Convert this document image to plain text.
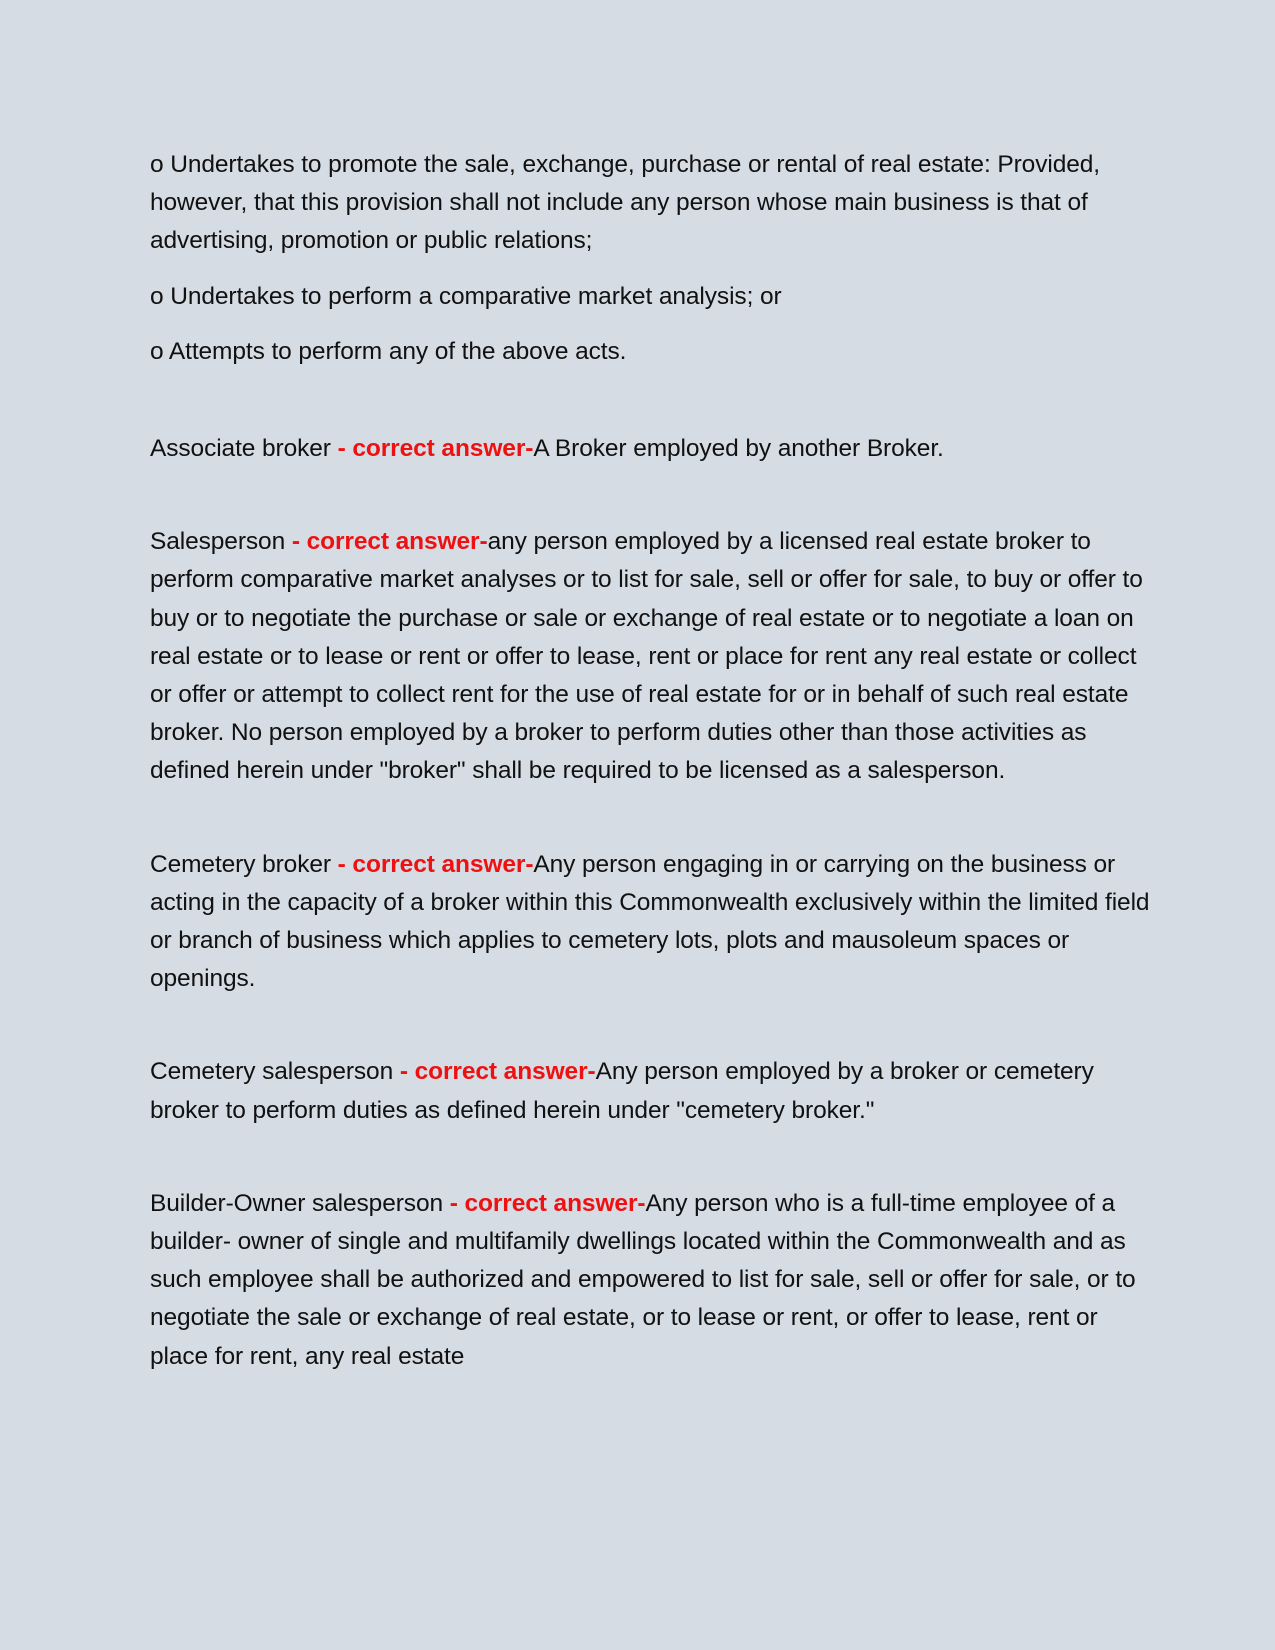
o Undertakes to promote the sale, exchange, purchase or rental of real estate: Provided, however, that this provision shall not include any person whose main business is that of advertising, promotion or public relations;

o Undertakes to perform a comparative market analysis; or

o Attempts to perform any of the above acts.

Associate broker - correct answer-A Broker employed by another Broker.

Salesperson - correct answer-any person employed by a licensed real estate broker to perform comparative market analyses or to list for sale, sell or offer for sale, to buy or offer to buy or to negotiate the purchase or sale or exchange of real estate or to negotiate a loan on real estate or to lease or rent or offer to lease, rent or place for rent any real estate or collect or offer or attempt to collect rent for the use of real estate for or in behalf of such real estate broker. No person employed by a broker to perform duties other than those activities as defined herein under "broker" shall be required to be licensed as a salesperson.

Cemetery broker - correct answer-Any person engaging in or carrying on the business or acting in the capacity of a broker within this Commonwealth exclusively within the limited field or branch of business which applies to cemetery lots, plots and mausoleum spaces or openings.

Cemetery salesperson - correct answer-Any person employed by a broker or cemetery broker to perform duties as defined herein under "cemetery broker."

Builder-Owner salesperson - correct answer-Any person who is a full-time employee of a builder- owner of single and multifamily dwellings located within the Commonwealth and as such employee shall be authorized and empowered to list for sale, sell or offer for sale, or to negotiate the sale or exchange of real estate, or to lease or rent, or offer to lease, rent or place for rent, any real estate
